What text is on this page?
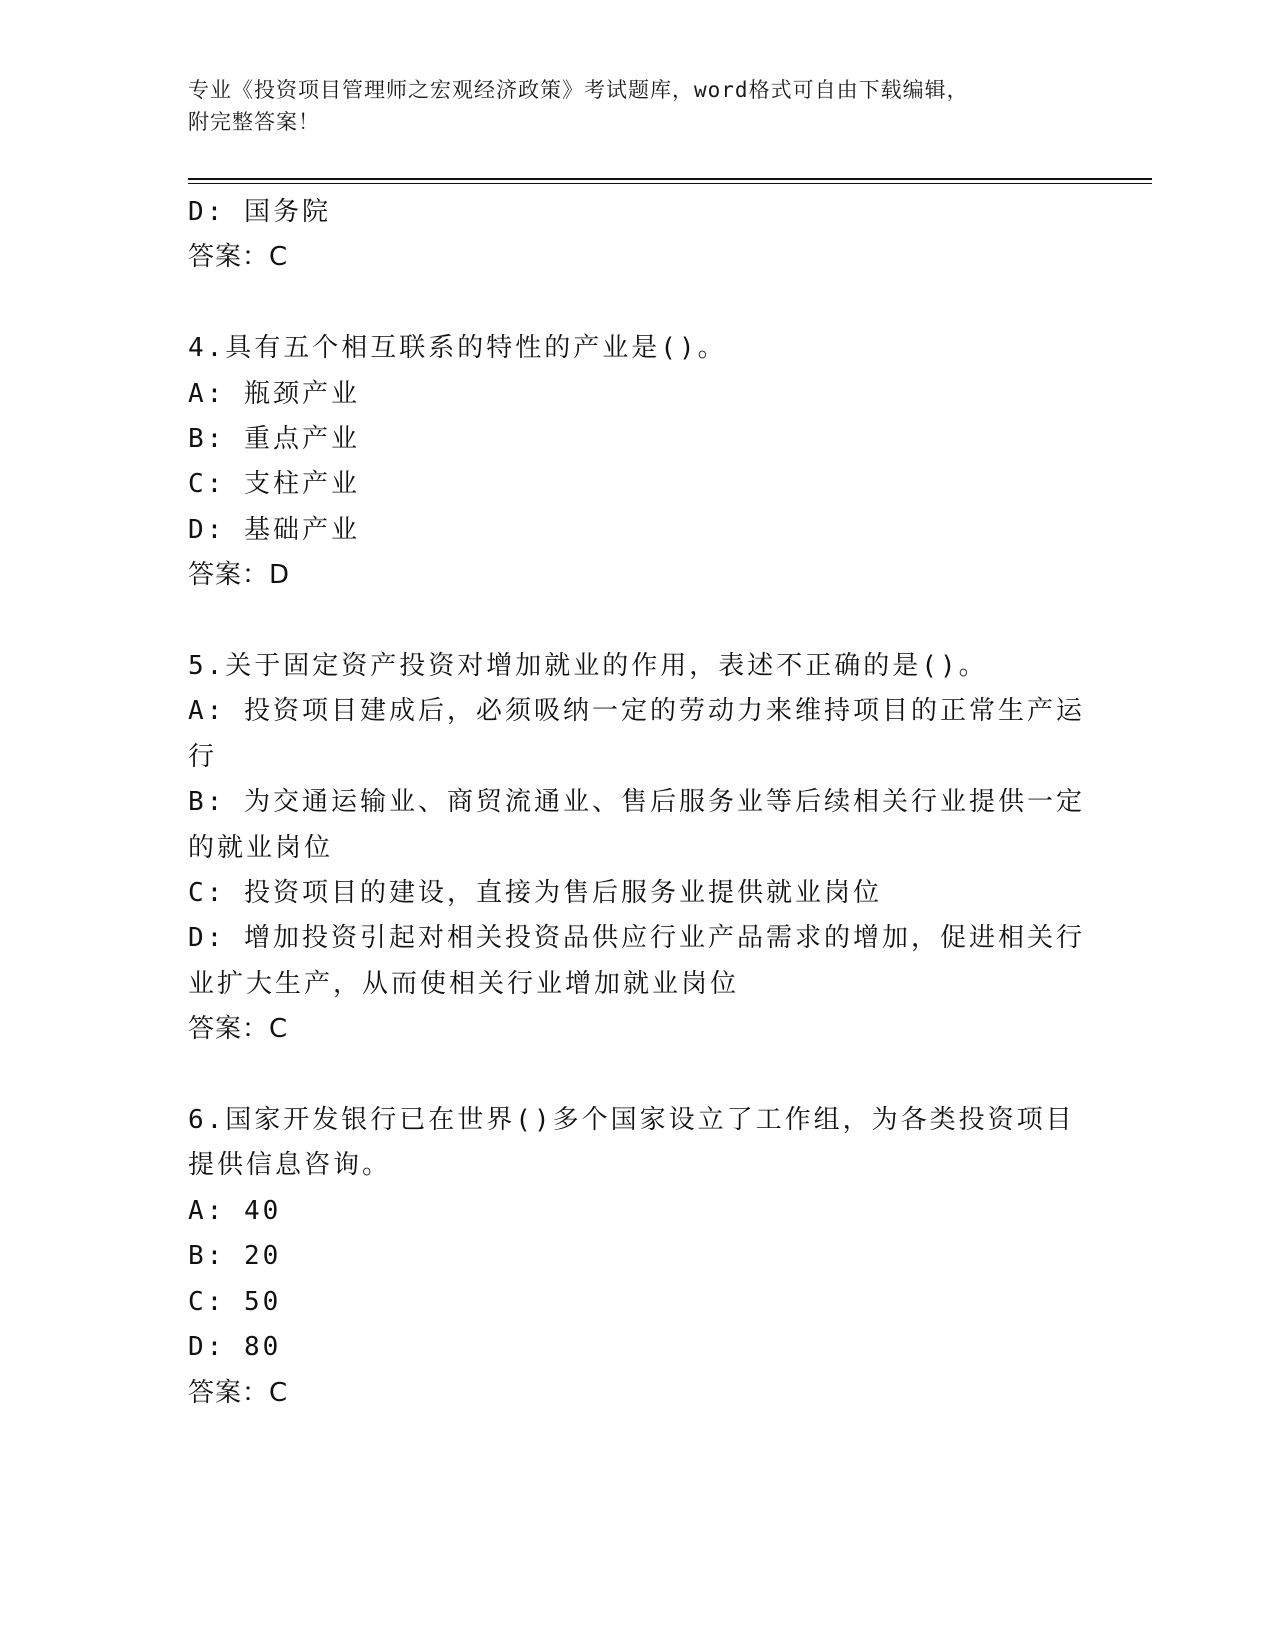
专业《投资项目管理师之宏观经济政策》考试题库，word格式可自由下载编辑，
附完整答案！
D: 国务院
答案：C
4.具有五个相互联系的特性的产业是()。
A: 瓶颈产业
B: 重点产业
C: 支柱产业
D: 基础产业
答案：D
5.关于固定资产投资对增加就业的作用，表述不正确的是()。
A: 投资项目建成后，必须吸纳一定的劳动力来维持项目的正常生产运
行
B: 为交通运输业、商贸流通业、售后服务业等后续相关行业提供一定
的就业岗位
C: 投资项目的建设，直接为售后服务业提供就业岗位
D: 增加投资引起对相关投资品供应行业产品需求的增加，促进相关行
业扩大生产，从而使相关行业增加就业岗位
答案：C
6.国家开发银行已在世界()多个国家设立了工作组，为各类投资项目
提供信息咨询。
A: 40
B: 20
C: 50
D: 80
答案：C
